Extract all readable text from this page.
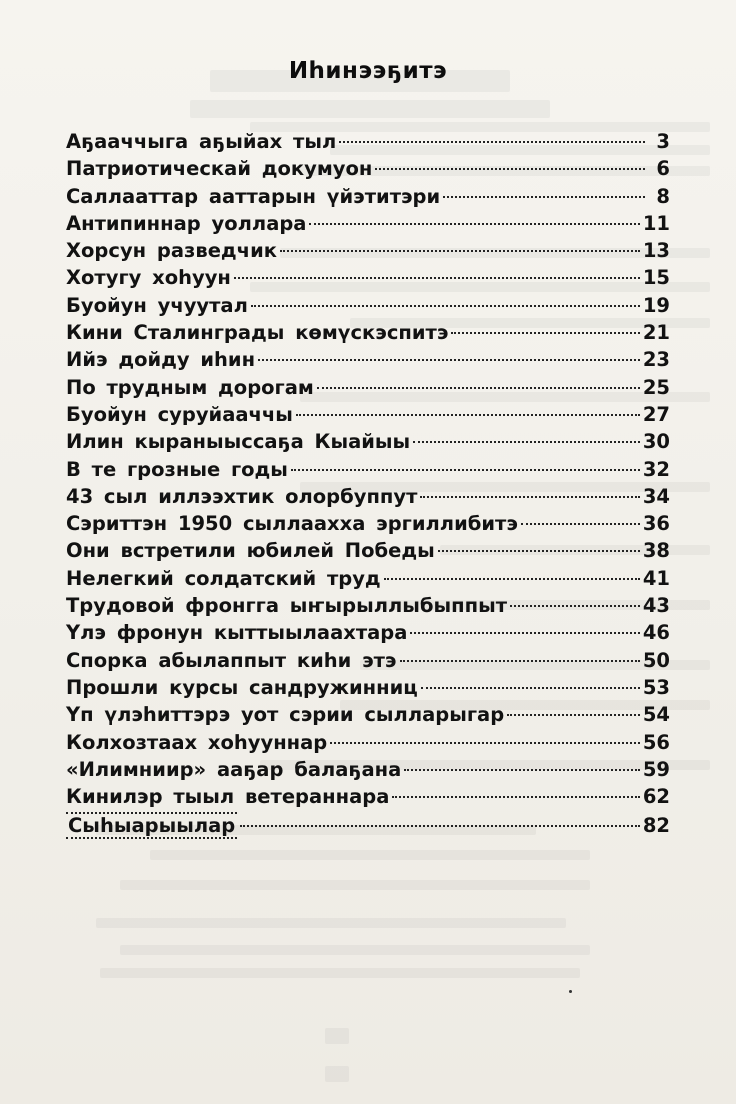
Иһинээҕитэ
Аҕааччыга аҕыйах тыл	3
Патриотическай докумуон	6
Саллааттар ааттарын үйэтитэри	8
Антипиннар уоллара	11
Хорсун разведчик	13
Хотугу хоһуун	15
Буойун учуутал	19
Кини Сталинграды көмүскэспитэ	21
Ийэ дойду иһин	23
По трудным дорогам	25
Буойун суруйааччы	27
Илин кыраныыссаҕа Кыайыы	30
В те грозные годы	32
43 сыл иллээхтик олорбуппут	34
Сэриттэн 1950 сыллаахха эргиллибитэ	36
Они встретили юбилей Победы	38
Нелегкий солдатский труд	41
Трудовой фронгга ыҥырыллыбыппыт	43
Үлэ фронун кыттыылаахтара	46
Спорка абылаппыт киһи этэ	50
Прошли курсы сандружинниц	53
Үп үлэһиттэрэ уот сэрии сылларыгар	54
Колхозтаах хоһууннар	56
«Илимниир» ааҕар балаҕана	59
Кинилэр тыыл ветераннара	62
Сыһыарыылар	82
